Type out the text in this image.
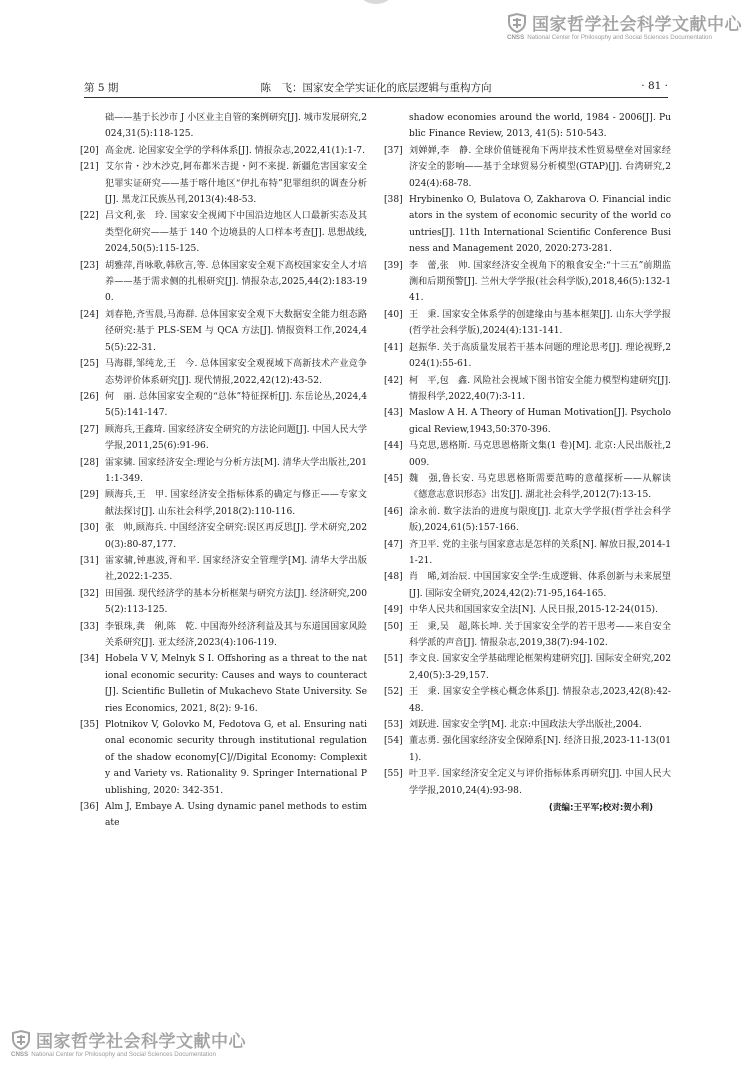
国家哲学社会科学文献中心
CNSS National Center for Philosophy and Social Sciences Documentation
第 5 期	陈　飞：国家安全学实证化的底层逻辑与重构方向	· 81 ·
础——基于长沙市 J 小区业主自管的案例研究[J]. 城市发展研究,2024,31(5):118-125.
[20] 高金虎. 论国家安全学的学科体系[J]. 情报杂志,2022,41(1):1-7.
[21] 艾尔肯・沙木沙克,阿布都米吉提・阿不来提. 新疆危害国家安全犯罪实证研究——基于喀什地区“伊扎布特”犯罪组织的调查分析[J]. 黑龙江民族丛刊,2013(4):48-53.
[22] 吕文利,张　玲. 国家安全视阈下中国沿边地区人口最新实态及其类型化研究——基于 140 个边境县的人口样本考查[J]. 思想战线,2024,50(5):115-125.
[23] 胡雅萍,肖咏歌,韩欣言,等. 总体国家安全观下高校国家安全人才培养——基于需求侧的扎根研究[J]. 情报杂志,2025,44(2):183-190.
[24] 刘春艳,齐雪晨,马海群. 总体国家安全观下大数据安全能力组态路径研究:基于 PLS-SEM 与 QCA 方法[J]. 情报资料工作,2024,45(5):22-31.
[25] 马海群,邹纯龙,王　今. 总体国家安全观视域下高新技术产业竞争态势评价体系研究[J]. 现代情报,2022,42(12):43-52.
[26] 何　丽. 总体国家安全观的“总体”特征探析[J]. 东岳论丛,2024,45(5):141-147.
[27] 顾海兵,王鑫琦. 国家经济安全研究的方法论问题[J]. 中国人民大学学报,2011,25(6):91-96.
[28] 雷家骕. 国家经济安全:理论与分析方法[M]. 清华大学出版社,2011:1-349.
[29] 顾海兵,王　甲. 国家经济安全指标体系的确定与修正——专家文献法探讨[J]. 山东社会科学,2018(2):110-116.
[30] 张　帅,顾海兵. 中国经济安全研究:误区再反思[J]. 学术研究,2020(3):80-87,177.
[31] 雷家骕,钟惠波,胥和平. 国家经济安全管理学[M]. 清华大学出版社,2022:1-235.
[32] 田国强. 现代经济学的基本分析框架与研究方法[J]. 经济研究,2005(2):113-125.
[33] 李银珠,龚　俐,陈　乾. 中国海外经济利益及其与东道国国家风险关系研究[J]. 亚太经济,2023(4):106-119.
[34] Hobela V V, Melnyk S I. Offshoring as a threat to the national economic security: Causes and ways to counteract[J]. Scientific Bulletin of Mukachevo State University. Series Economics, 2021, 8(2): 9-16.
[35] Plotnikov V, Golovko M, Fedotova G, et al. Ensuring national economic security through institutional regulation of the shadow economy[C]//Digital Economy: Complexity and Variety vs. Rationality 9. Springer International Publishing, 2020: 342-351.
[36] Alm J, Embaye A. Using dynamic panel methods to estimate
shadow economies around the world, 1984 - 2006[J]. Public Finance Review, 2013, 41(5): 510-543.
[37] 刘婵婵,李　静. 全球价值链视角下两岸技术性贸易壁垒对国家经济安全的影响——基于全球贸易分析模型(GTAP)[J]. 台湾研究,2024(4):68-78.
[38] Hrybinenko O, Bulatova O, Zakharova O. Financial indicators in the system of economic security of the world countries[J]. 11th International Scientific Conference Business and Management 2020, 2020:273-281.
[39] 李　蕾,张　帅. 国家经济安全视角下的粮食安全:“十三五”前期监测和后期预警[J]. 兰州大学学报(社会科学版),2018,46(5):132-141.
[40] 王　秉. 国家安全体系学的创建缘由与基本框架[J]. 山东大学学报(哲学社会科学版),2024(4):131-141.
[41] 赵振华. 关于高质量发展若干基本问题的理论思考[J]. 理论视野,2024(1):55-61.
[42] 柯　平,包　鑫. 风险社会视域下图书馆安全能力模型构建研究[J]. 情报科学,2022,40(7):3-11.
[43] Maslow A H. A Theory of Human Motivation[J]. Psychological Review,1943,50:370-396.
[44] 马克思,恩格斯. 马克思恩格斯文集(1 卷)[M]. 北京:人民出版社,2009.
[45] 魏　强,鲁长安. 马克思恩格斯需要范畴的意蕴探析——从解读《德意志意识形态》出发[J]. 湖北社会科学,2012(7):13-15.
[46] 涂永前. 数字法治的进度与限度[J]. 北京大学学报(哲学社会科学版),2024,61(5):157-166.
[47] 齐卫平. 党的主张与国家意志是怎样的关系[N]. 解放日报,2014-11-21.
[48] 肖　晞,刘治辰. 中国国家安全学:生成逻辑、体系创新与未来展望[J]. 国际安全研究,2024,42(2):71-95,164-165.
[49] 中华人民共和国国家安全法[N]. 人民日报,2015-12-24(015).
[50] 王　秉,吴　超,陈长坤. 关于国家安全学的若干思考——来自安全科学派的声音[J]. 情报杂志,2019,38(7):94-102.
[51] 李文良. 国家安全学基础理论框架构建研究[J]. 国际安全研究,2022,40(5):3-29,157.
[52] 王　秉. 国家安全学核心概念体系[J]. 情报杂志,2023,42(8):42-48.
[53] 刘跃进. 国家安全学[M]. 北京:中国政法大学出版社,2004.
[54] 董志勇. 强化国家经济安全保障系[N]. 经济日报,2023-11-13(011).
[55] 叶卫平. 国家经济安全定义与评价指标体系再研究[J]. 中国人民大学学报,2010,24(4):93-98.
(责编:王平军;校对:贺小利)
国家哲学社会科学文献中心
CNSS National Center for Philosophy and Social Sciences Documentation
